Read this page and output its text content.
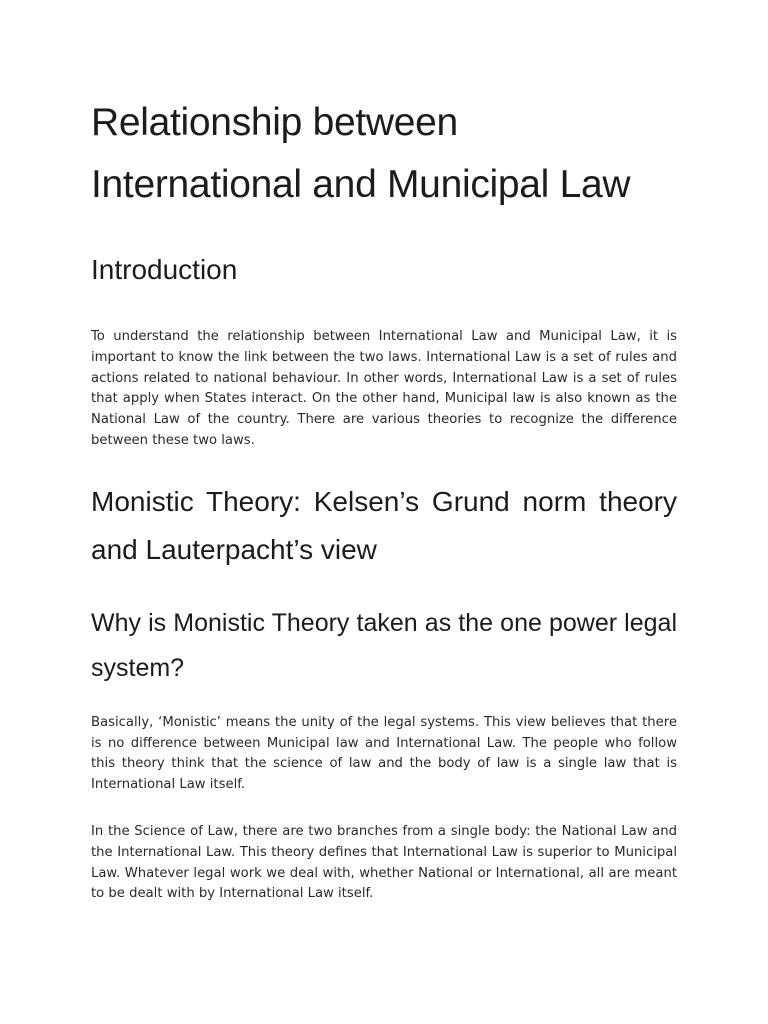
Relationship between International and Municipal Law
Introduction

To understand the relationship between International Law and Municipal Law, it is important to know the link between the two laws. International Law is a set of rules and actions related to national behaviour. In other words, International Law is a set of rules that apply when States interact. On the other hand, Municipal law is also known as the National Law of the country. There are various theories to recognize the difference between these two laws.

Monistic Theory: Kelsen’s Grund norm theory and Lauterpacht’s view
Why is Monistic Theory taken as the one power legal system?

Basically, ‘Monistic’ means the unity of the legal systems. This view believes that there is no difference between Municipal law and International Law. The people who follow this theory think that the science of law and the body of law is a single law that is International Law itself.

In the Science of Law, there are two branches from a single body: the National Law and the International Law. This theory defines that International Law is superior to Municipal Law. Whatever legal work we deal with, whether National or International, all are meant to be dealt with by International Law itself.
